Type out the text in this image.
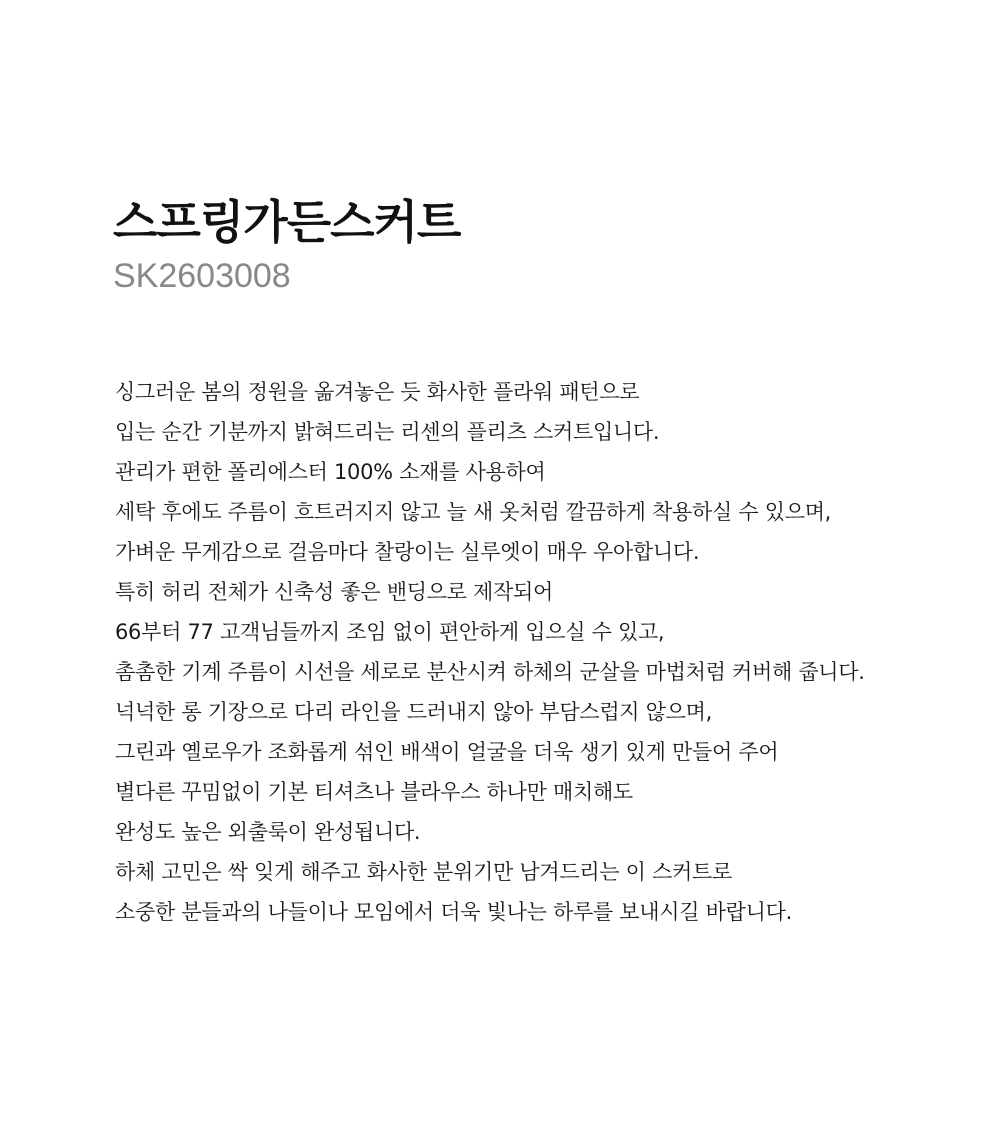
스프링가든스커트
SK2603008
싱그러운 봄의 정원을 옮겨놓은 듯 화사한 플라워 패턴으로
입는 순간 기분까지 밝혀드리는 리센의 플리츠 스커트입니다.
관리가 편한 폴리에스터 100% 소재를 사용하여
세탁 후에도 주름이 흐트러지지 않고 늘 새 옷처럼 깔끔하게 착용하실 수 있으며,
가벼운 무게감으로 걸음마다 찰랑이는 실루엣이 매우 우아합니다.
특히 허리 전체가 신축성 좋은 밴딩으로 제작되어
66부터 77 고객님들까지 조임 없이 편안하게 입으실 수 있고,
촘촘한 기계 주름이 시선을 세로로 분산시켜 하체의 군살을 마법처럼 커버해 줍니다.
넉넉한 롱 기장으로 다리 라인을 드러내지 않아 부담스럽지 않으며,
그린과 옐로우가 조화롭게 섞인 배색이 얼굴을 더욱 생기 있게 만들어 주어
별다른 꾸밈없이 기본 티셔츠나 블라우스 하나만 매치해도
완성도 높은 외출룩이 완성됩니다.
하체 고민은 싹 잊게 해주고 화사한 분위기만 남겨드리는 이 스커트로
소중한 분들과의 나들이나 모임에서 더욱 빛나는 하루를 보내시길 바랍니다.
